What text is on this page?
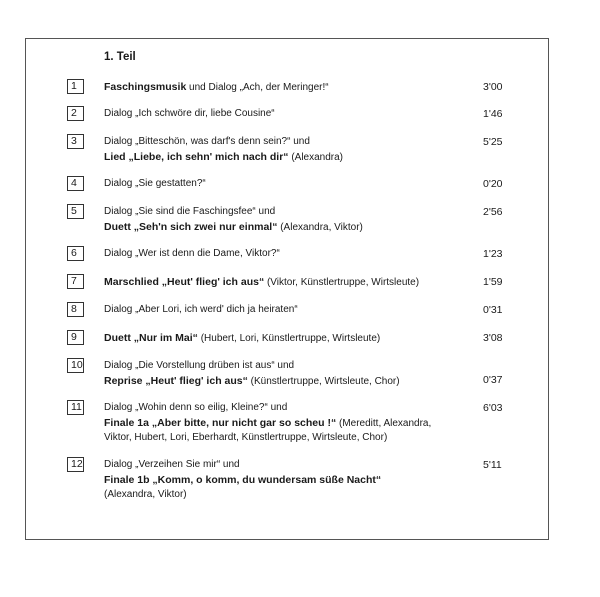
1. Teil
1	Faschingsmusik und Dialog „Ach, der Meringer!“	3'00
2	Dialog „Ich schwöre dir, liebe Cousine“	1'46
3	Dialog „Bitteschön, was darf's denn sein?“ und
Lied „Liebe, ich sehn' mich nach dir“ (Alexandra)
5'25
4	Dialog „Sie gestatten?“	0'20
5	Dialog „Sie sind die Faschingsfee“ und
Duett „Seh'n sich zwei nur einmal“ (Alexandra, Viktor)
2'56
6	Dialog „Wer ist denn die Dame, Viktor?“	1'23
7	Marschlied „Heut' flieg' ich aus“ (Viktor, Künstlertruppe, Wirtsleute)	1'59
8	Dialog „Aber Lori, ich werd' dich ja heiraten“	0'31
9	Duett „Nur im Mai“ (Hubert, Lori, Künstlertruppe, Wirtsleute)	3'08
10 Dialog „Die Vorstellung drüben ist aus“ und
Reprise „Heut' flieg' ich aus“ (Künstlertruppe, Wirtsleute, Chor)	0'37
11 Dialog „Wohin denn so eilig, Kleine?“ und
Finale 1a „Aber bitte, nur nicht gar so scheu !“ (Mereditt, Alexandra,
Viktor, Hubert, Lori, Eberhardt, Künstlertruppe, Wirtsleute, Chor)
6'03
12 Dialog „Verzeihen Sie mir“ und
Finale 1b „Komm, o komm, du wundersam süße Nacht“
(Alexandra, Viktor)
5'11
